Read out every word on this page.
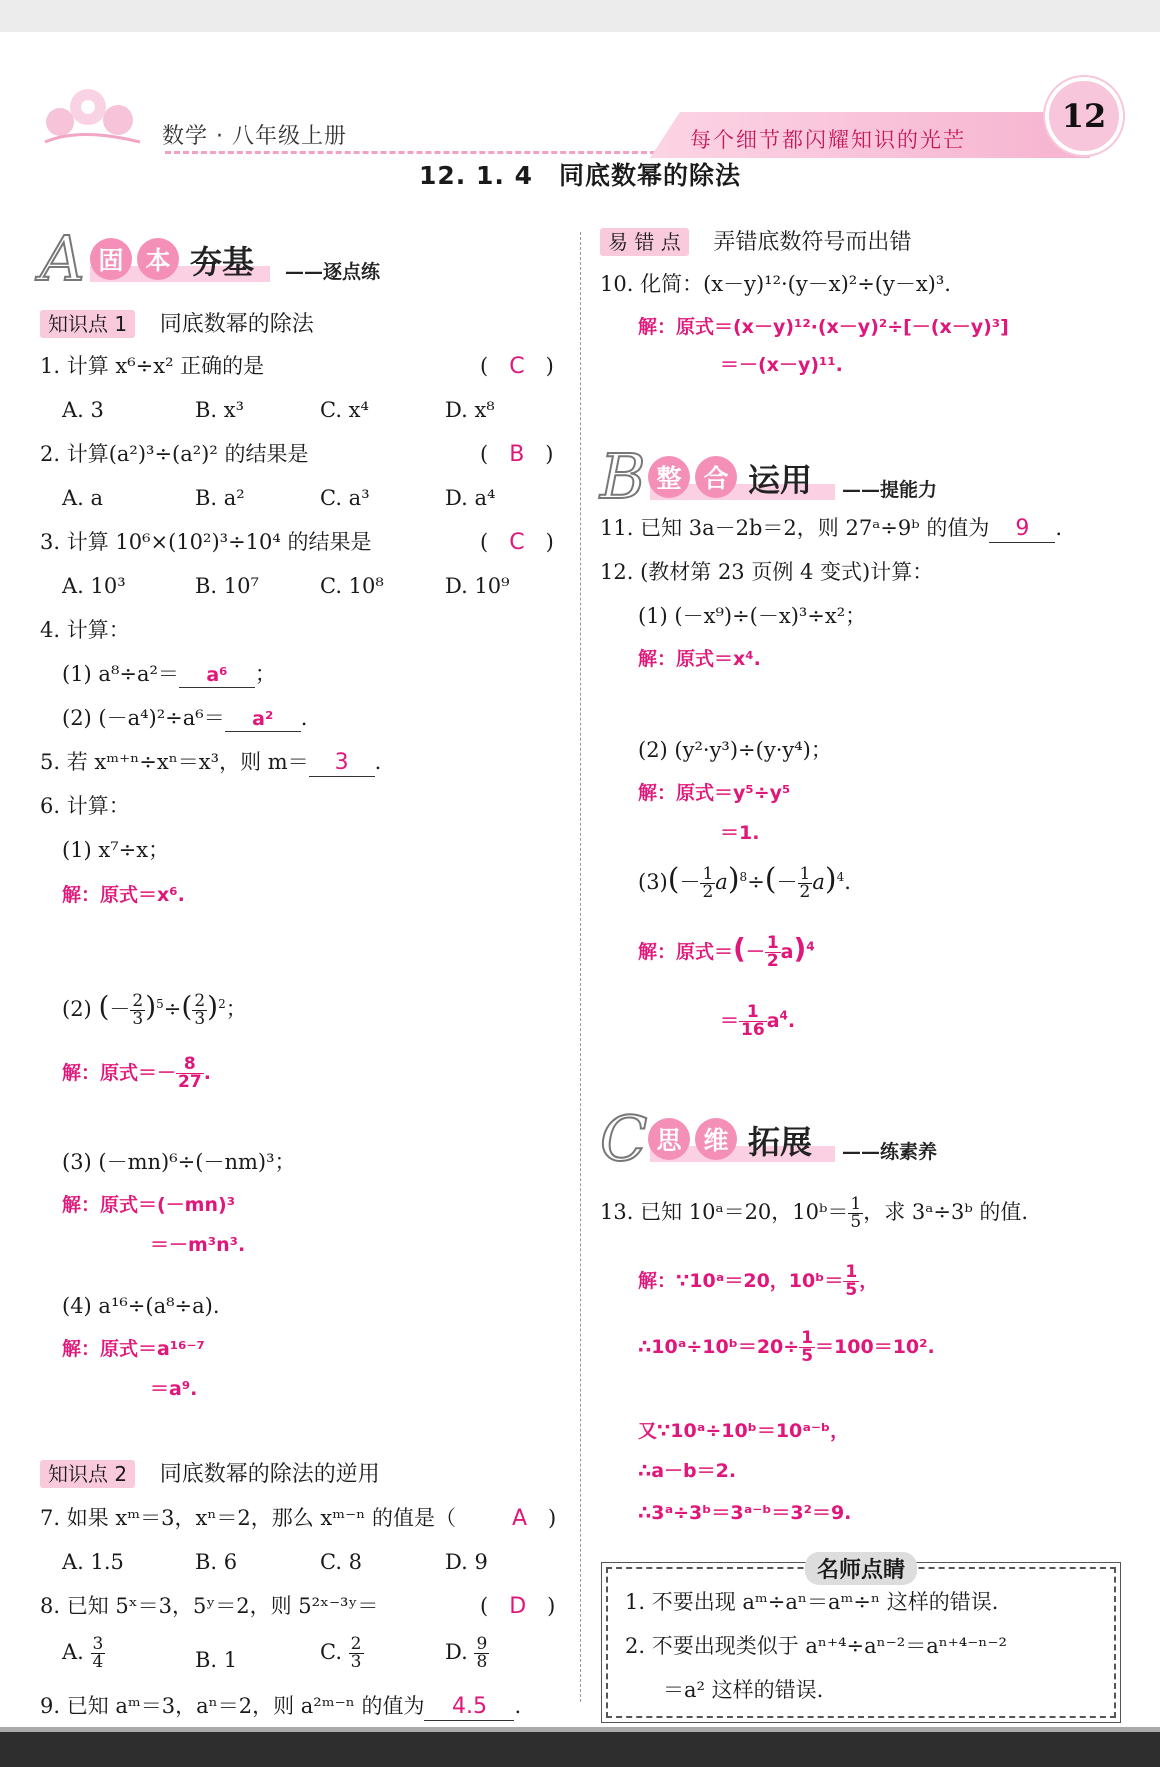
数学 · 八年级上册	每个细节都闪耀知识的光芒
12
12. 1. 4　同底数幂的除法
A 固 本 夯基 ——逐点练
知识点 1 同底数幂的除法
1. 计算 x⁶÷x² 正确的是	(　C　)
A. 3	B. x³	C. x⁴	D. x⁸
2. 计算(a²)³÷(a²)² 的结果是	(　B　)
A. a	B. a²	C. a³	D. a⁴
3. 计算 10⁶×(10²)³÷10⁴ 的结果是	(　C　)
A. 10³	B. 10⁷	C. 10⁸	D. 10⁹
4. 计算：
(1) a⁸÷a²＝ a⁶ ；
(2) (－a⁴)²÷a⁶＝ a² .
5. 若 xᵐ⁺ⁿ÷xⁿ＝x³，则 m＝ 3 .
6. 计算：
(1) x⁷÷x；
解：原式＝x⁶.
(2) (－ $\frac{2}{3} )^5\div( \frac{2}{3} )^2$；
解：原式＝－ $\frac{8}{27}$ .
(3) (－mn)⁶÷(－nm)³；
解：原式＝(－mn)³
＝－m³n³.
(4) a¹⁶÷(a⁸÷a).
解：原式＝a¹⁶⁻⁷
＝a⁹.
知识点 2 同底数幂的除法的逆用
7. 如果 xᵐ＝3，xⁿ＝2，那么 xᵐ⁻ⁿ 的值是（	A　)
A. 1.5	B. 6	C. 8	D. 9
8. 已知 5ˣ＝3，5ʸ＝2，则 5²ˣ⁻³ʸ＝	(　D　)
A. $\frac{3}{4}$	B. 1	C. $\frac{2}{3}$	D. $\frac{9}{8}$
9. 已知 aᵐ＝3，aⁿ＝2，则 a²ᵐ⁻ⁿ 的值为 4.5 .
易 错 点 弄错底数符号而出错
10. 化简：(x－y)¹²·(y－x)²÷(y－x)³.
解：原式＝(x－y)¹²·(x－y)²÷[－(x－y)³]
＝－(x－y)¹¹.
B 整 合 运用 ——提能力
11. 已知 3a－2b＝2，则 27ᵃ÷9ᵇ 的值为 9 .
12. (教材第 23 页例 4 变式)计算：
(1) (－x⁹)÷(－x)³÷x²；
解：原式＝x⁴.
(2) (y²·y³)÷(y·y⁴)；
解：原式＝y⁵÷y⁵
＝1.
$(3)(- \frac{1}{2} a)^8\div(- \frac{1}{2} a)^4$.
解：原式＝(－ $\frac{1}{2} a)^4$
＝ $\frac{1}{16} a^4$.
C 思 维 拓展 ——练素养
13. 已知 10ᵃ＝20，10ᵇ＝ $\frac{1}{5}$ ，求 3ᵃ÷3ᵇ 的值.
解：∵10ᵃ＝20，10ᵇ＝ $\frac{1}{5}$ ，
∴10ᵃ÷10ᵇ＝20÷ $\frac{1}{5} =100=10^2$.
又∵10ᵃ÷10ᵇ＝10ᵃ⁻ᵇ，
∴a－b＝2.
∴3ᵃ÷3ᵇ＝3ᵃ⁻ᵇ＝3²＝9.
名师点睛
1. 不要出现 aᵐ÷aⁿ＝aᵐ÷ⁿ 这样的错误.
2. 不要出现类似于 aⁿ⁺⁴÷aⁿ⁻²＝aⁿ⁺⁴⁻ⁿ⁻²
＝a² 这样的错误.
